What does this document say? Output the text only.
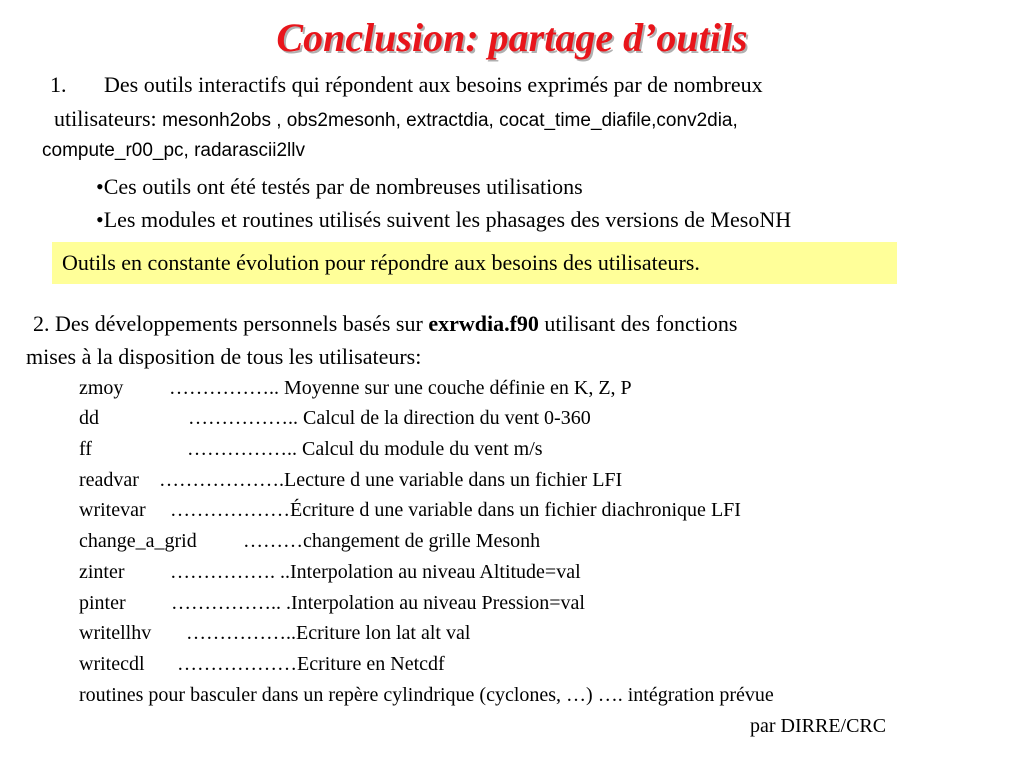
Conclusion: partage d’outils
1. Des outils interactifs qui répondent aux besoins exprimés par de nombreux
utilisateurs: mesonh2obs , obs2mesonh, extractdia, cocat_time_diafile,conv2dia,
compute_r00_pc, radarascii2llv
•Ces outils ont été testés par de nombreuses utilisations
•Les modules et routines utilisés suivent les phasages des versions de MesoNH
Outils en constante évolution pour répondre aux besoins des utilisateurs.
2. Des développements personnels basés sur exrwdia.f90 utilisant des fonctions
mises à la disposition de tous les utilisateurs:
zmoy …………….. Moyenne sur une couche définie en K, Z, P
dd	…………….. Calcul de la direction du vent 0-360
ff	…………….. Calcul du module du vent m/s
readvar ……………….Lecture d une variable dans un fichier LFI
writevar ………………Écriture d une variable dans un fichier diachronique LFI
change_a_grid ………changement de grille Mesonh
zinter ……………. ..Interpolation au niveau Altitude=val
pinter …………….. .Interpolation au niveau Pression=val
writellhv ……………..Ecriture lon lat alt val
writecdl ………………Ecriture en Netcdf
routines pour basculer dans un repère cylindrique (cyclones, …) …. intégration prévue
par DIRRE/CRC
